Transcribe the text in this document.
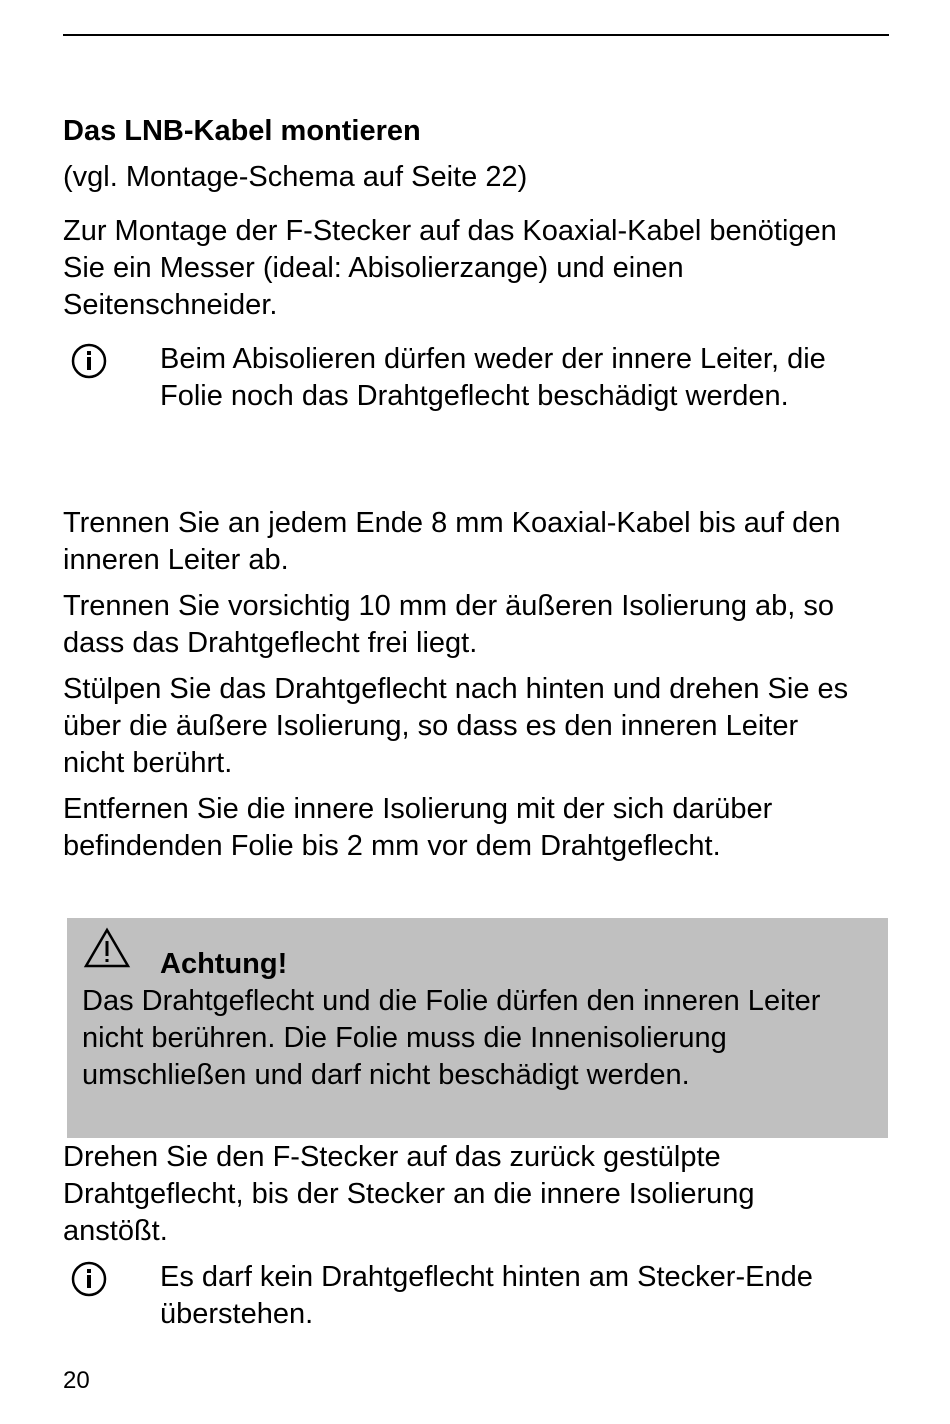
Das LNB-Kabel montieren
(vgl. Montage-Schema auf Seite 22)
Zur Montage der F-Stecker auf das Koaxial-Kabel benötigen Sie ein Messer (ideal: Abisolierzange) und einen Seitenschneider.
Beim Abisolieren dürfen weder der innere Leiter, die Folie noch das Drahtgeflecht beschädigt werden.
Trennen Sie an jedem Ende 8 mm Koaxial-Kabel bis auf den inneren Leiter ab.
Trennen Sie vorsichtig 10 mm der äußeren Isolierung ab, so dass das Drahtgeflecht frei liegt.
Stülpen Sie das Drahtgeflecht nach hinten und drehen Sie es über die äußere Isolierung, so dass es den inneren Leiter nicht berührt.
Entfernen Sie die innere Isolierung mit der sich darüber befindenden Folie bis 2 mm vor dem Drahtgeflecht.
Achtung!
Das Drahtgeflecht und die Folie dürfen den inneren Leiter nicht berühren. Die Folie muss die Innenisolierung umschließen und darf nicht beschädigt werden.
Drehen Sie den F-Stecker auf das zurück gestülpte Drahtgeflecht, bis der Stecker an die innere Isolierung anstößt.
Es darf kein Drahtgeflecht hinten am Stecker-Ende überstehen.
20
